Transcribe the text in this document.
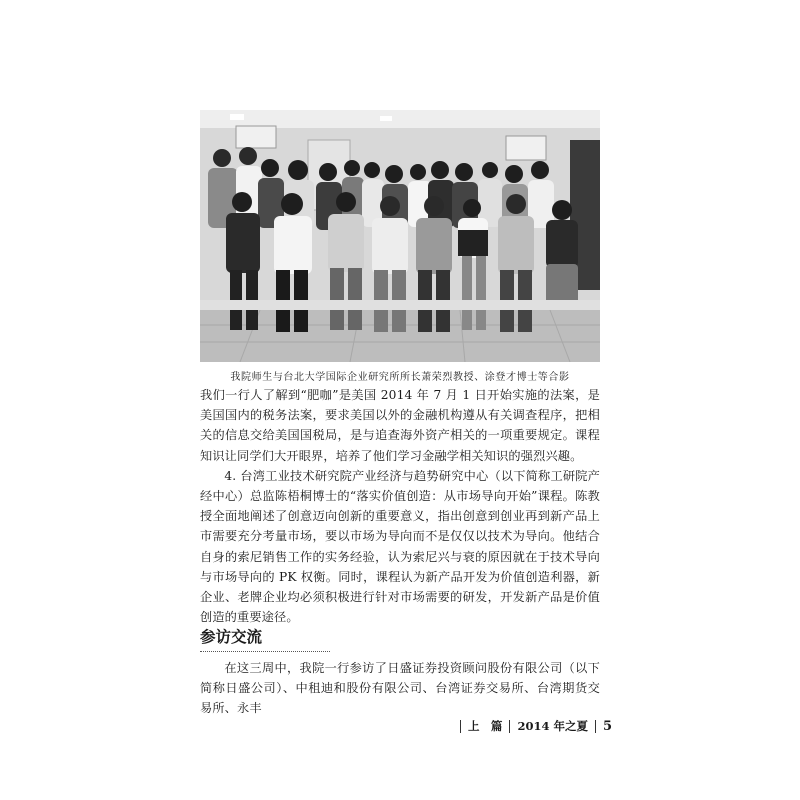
我院师生与台北大学国际企业研究所所长萧荣烈教授、涂登才博士等合影

我们一行人了解到“肥咖”是美国 2014 年 7 月 1 日开始实施的法案，是美国国内的税务法案，要求美国以外的金融机构遵从有关调查程序，把相关的信息交给美国国税局，是与追查海外资产相关的一项重要规定。课程知识让同学们大开眼界，培养了他们学习金融学相关知识的强烈兴趣。

4. 台湾工业技术研究院产业经济与趋势研究中心（以下简称工研院产经中心）总监陈梧桐博士的“落实价值创造：从市场导向开始”课程。陈教授全面地阐述了创意迈向创新的重要意义，指出创意到创业再到新产品上市需要充分考量市场，要以市场为导向而不是仅仅以技术为导向。他结合自身的索尼销售工作的实务经验，认为索尼兴与衰的原因就在于技术导向与市场导向的 PK 权衡。同时，课程认为新产品开发为价值创造利器，新企业、老牌企业均必须积极进行针对市场需要的研发，开发新产品是价值创造的重要途径。

参访交流

在这三周中，我院一行参访了日盛证券投资顾问股份有限公司（以下简称日盛公司）、中租迪和股份有限公司、台湾证券交易所、台湾期货交易所、永丰

上　篇 2014 年之夏 5
